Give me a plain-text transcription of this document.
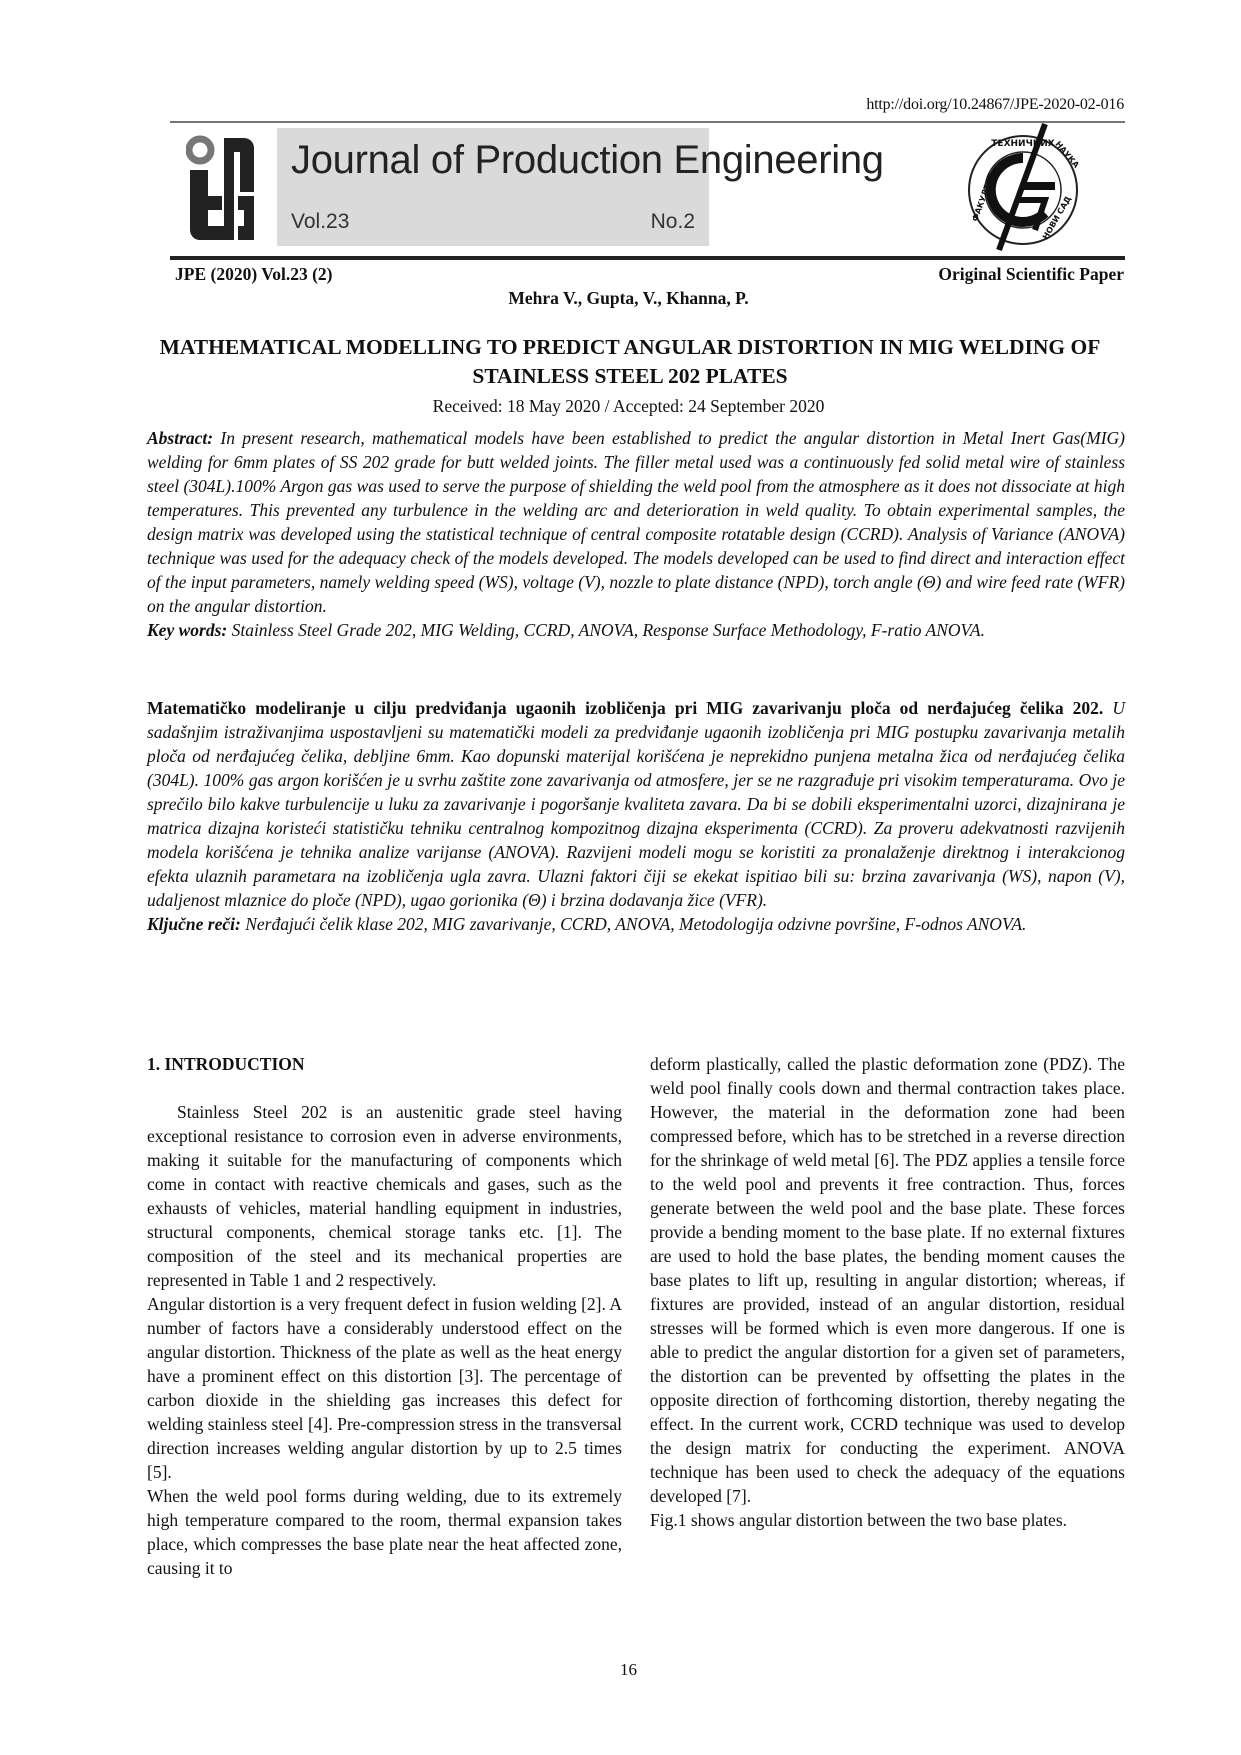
http://doi.org/10.24867/JPE-2020-02-016
Journal of Production Engineering
Vol.23	No.2
ТЕХНИЧКИХ
ФАКУЛТЕТ
НАУКА
НОВИ САД
JPE (2020) Vol.23 (2)	Original Scientific Paper
Mehra V., Gupta, V., Khanna, P.
MATHEMATICAL MODELLING TO PREDICT ANGULAR DISTORTION IN MIG WELDING OF STAINLESS STEEL 202 PLATES
Received: 18 May 2020 / Accepted: 24 September 2020
Abstract: In present research, mathematical models have been established to predict the angular distortion in Metal Inert Gas(MIG) welding for 6mm plates of SS 202 grade for butt welded joints. The filler metal used was a continuously fed solid metal wire of stainless steel (304L).100% Argon gas was used to serve the purpose of shielding the weld pool from the atmosphere as it does not dissociate at high temperatures. This prevented any turbulence in the welding arc and deterioration in weld quality. To obtain experimental samples, the design matrix was developed using the statistical technique of central composite rotatable design (CCRD). Analysis of Variance (ANOVA) technique was used for the adequacy check of the models developed. The models developed can be used to find direct and interaction effect of the input parameters, namely welding speed (WS), voltage (V), nozzle to plate distance (NPD), torch angle (Θ) and wire feed rate (WFR) on the angular distortion.
Key words: Stainless Steel Grade 202, MIG Welding, CCRD, ANOVA, Response Surface Methodology, F-ratio ANOVA.
Matematičko modeliranje u cilju predviđanja ugaonih izobličenja pri MIG zavarivanju ploča od nerđajućeg čelika 202. U sadašnjim istraživanjima uspostavljeni su matematički modeli za predviđanje ugaonih izobličenja pri MIG postupku zavarivanja metalih ploča od nerđajućeg čelika, debljine 6mm. Kao dopunski materijal korišćena je neprekidno punjena metalna žica od nerđajućeg čelika (304L). 100% gas argon korišćen je u svrhu zaštite zone zavarivanja od atmosfere, jer se ne razgrađuje pri visokim temperaturama. Ovo je sprečilo bilo kakve turbulencije u luku za zavarivanje i pogoršanje kvaliteta zavara. Da bi se dobili eksperimentalni uzorci, dizajnirana je matrica dizajna koristeći statističku tehniku centralnog kompozitnog dizajna eksperimenta (CCRD). Za proveru adekvatnosti razvijenih modela korišćena je tehnika analize varijanse (ANOVA). Razvijeni modeli mogu se koristiti za pronalaženje direktnog i interakcionog efekta ulaznih parametara na izobličenja ugla zavra. Ulazni faktori čiji se ekekat ispitiao bili su: brzina zavarivanja (WS), napon (V), udaljenost mlaznice do ploče (NPD), ugao gorionika (Θ) i brzina dodavanja žice (VFR).
Ključne reči: Nerđajući čelik klase 202, MIG zavarivanje, CCRD, ANOVA, Metodologija odzivne površine, F-odnos ANOVA.
1. INTRODUCTION

Stainless Steel 202 is an austenitic grade steel having exceptional resistance to corrosion even in adverse environments, making it suitable for the manufacturing of components which come in contact with reactive chemicals and gases, such as the exhausts of vehicles, material handling equipment in industries, structural components, chemical storage tanks etc. [1]. The composition of the steel and its mechanical properties are represented in Table 1 and 2 respectively.

Angular distortion is a very frequent defect in fusion welding [2]. A number of factors have a considerably understood effect on the angular distortion. Thickness of the plate as well as the heat energy have a prominent effect on this distortion [3]. The percentage of carbon dioxide in the shielding gas increases this defect for welding stainless steel [4]. Pre-compression stress in the transversal direction increases welding angular distortion by up to 2.5 times [5].

When the weld pool forms during welding, due to its extremely high temperature compared to the room, thermal expansion takes place, which compresses the base plate near the heat affected zone, causing it to

deform plastically, called the plastic deformation zone (PDZ). The weld pool finally cools down and thermal contraction takes place. However, the material in the deformation zone had been compressed before, which has to be stretched in a reverse direction for the shrinkage of weld metal [6]. The PDZ applies a tensile force to the weld pool and prevents it free contraction. Thus, forces generate between the weld pool and the base plate. These forces provide a bending moment to the base plate. If no external fixtures are used to hold the base plates, the bending moment causes the base plates to lift up, resulting in angular distortion; whereas, if fixtures are provided, instead of an angular distortion, residual stresses will be formed which is even more dangerous. If one is able to predict the angular distortion for a given set of parameters, the distortion can be prevented by offsetting the plates in the opposite direction of forthcoming distortion, thereby negating the effect. In the current work, CCRD technique was used to develop the design matrix for conducting the experiment. ANOVA technique has been used to check the adequacy of the equations developed [7].

Fig.1 shows angular distortion between the two base plates.

16
